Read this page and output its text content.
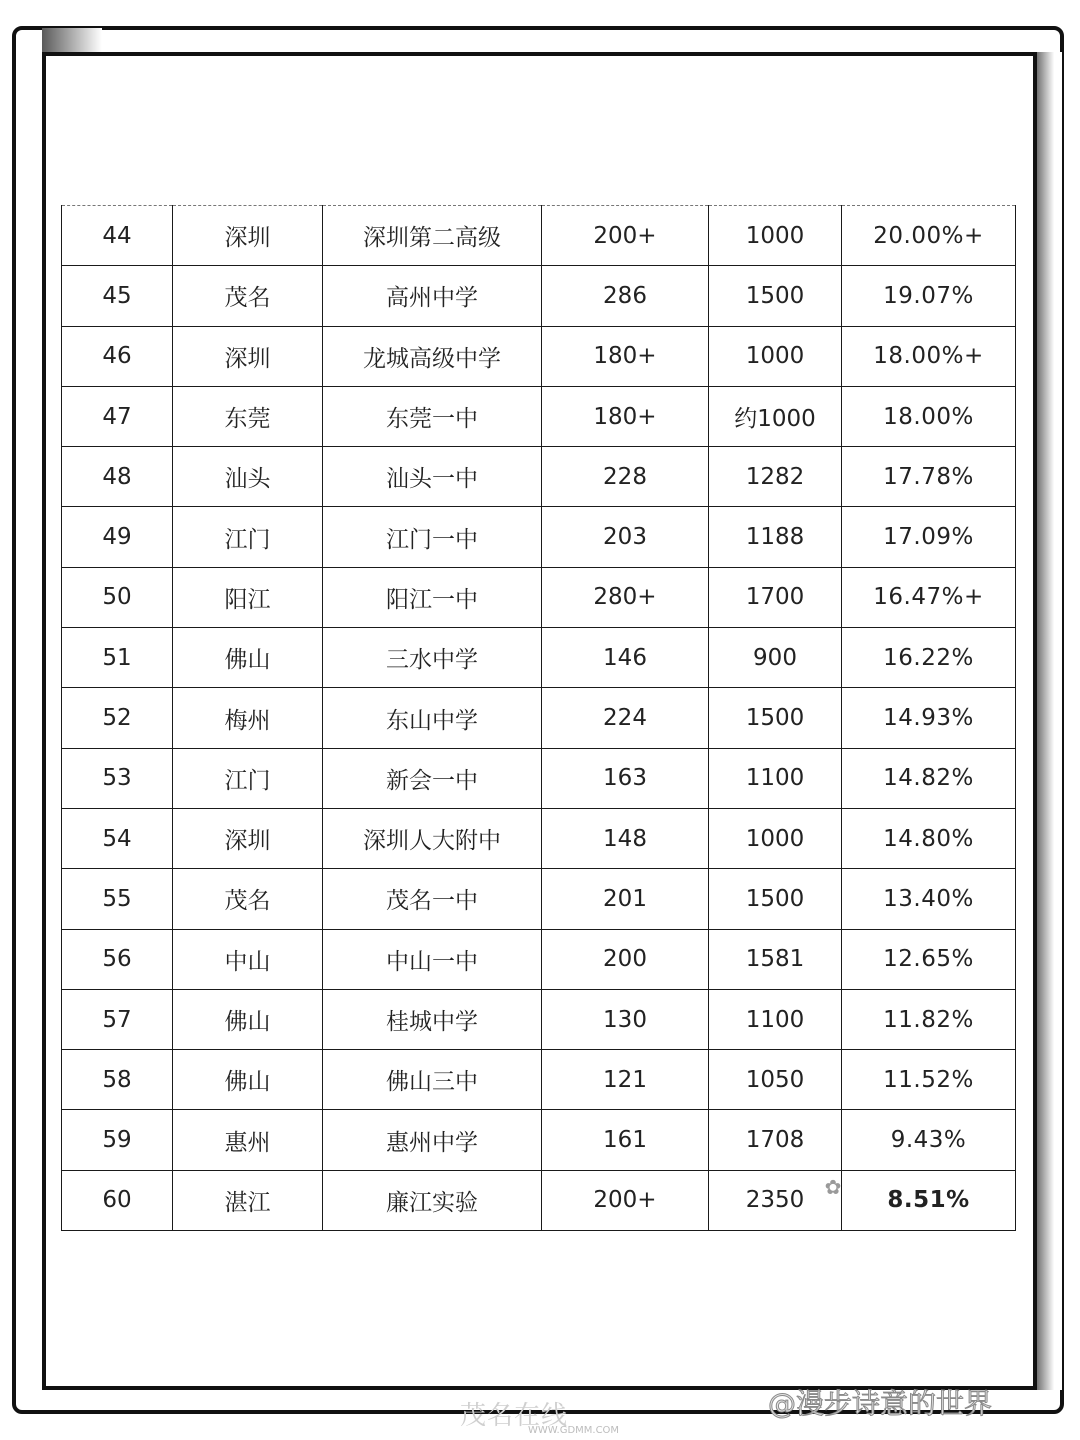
44	深圳	深圳第二高级	200+	1000	20.00%+
45	茂名	高州中学	286	1500	19.07%
46	深圳	龙城高级中学	180+	1000	18.00%+
47	东莞	东莞一中	180+	约1000	18.00%
48	汕头	汕头一中	228	1282	17.78%
49	江门	江门一中	203	1188	17.09%
50	阳江	阳江一中	280+	1700	16.47%+
51	佛山	三水中学	146	900	16.22%
52	梅州	东山中学	224	1500	14.93%
53	江门	新会一中	163	1100	14.82%
54	深圳	深圳人大附中	148	1000	14.80%
55	茂名	茂名一中	201	1500	13.40%
56	中山	中山一中	200	1581	12.65%
57	佛山	桂城中学	130	1100	11.82%
58	佛山	佛山三中	121	1050	11.52%
59	惠州	惠州中学	161	1708	9.43%
60	湛江	廉江实验	200+	2350	8.51%
✿
茂名在线
WWW.GDMM.COM
@漫步诗意的世界
